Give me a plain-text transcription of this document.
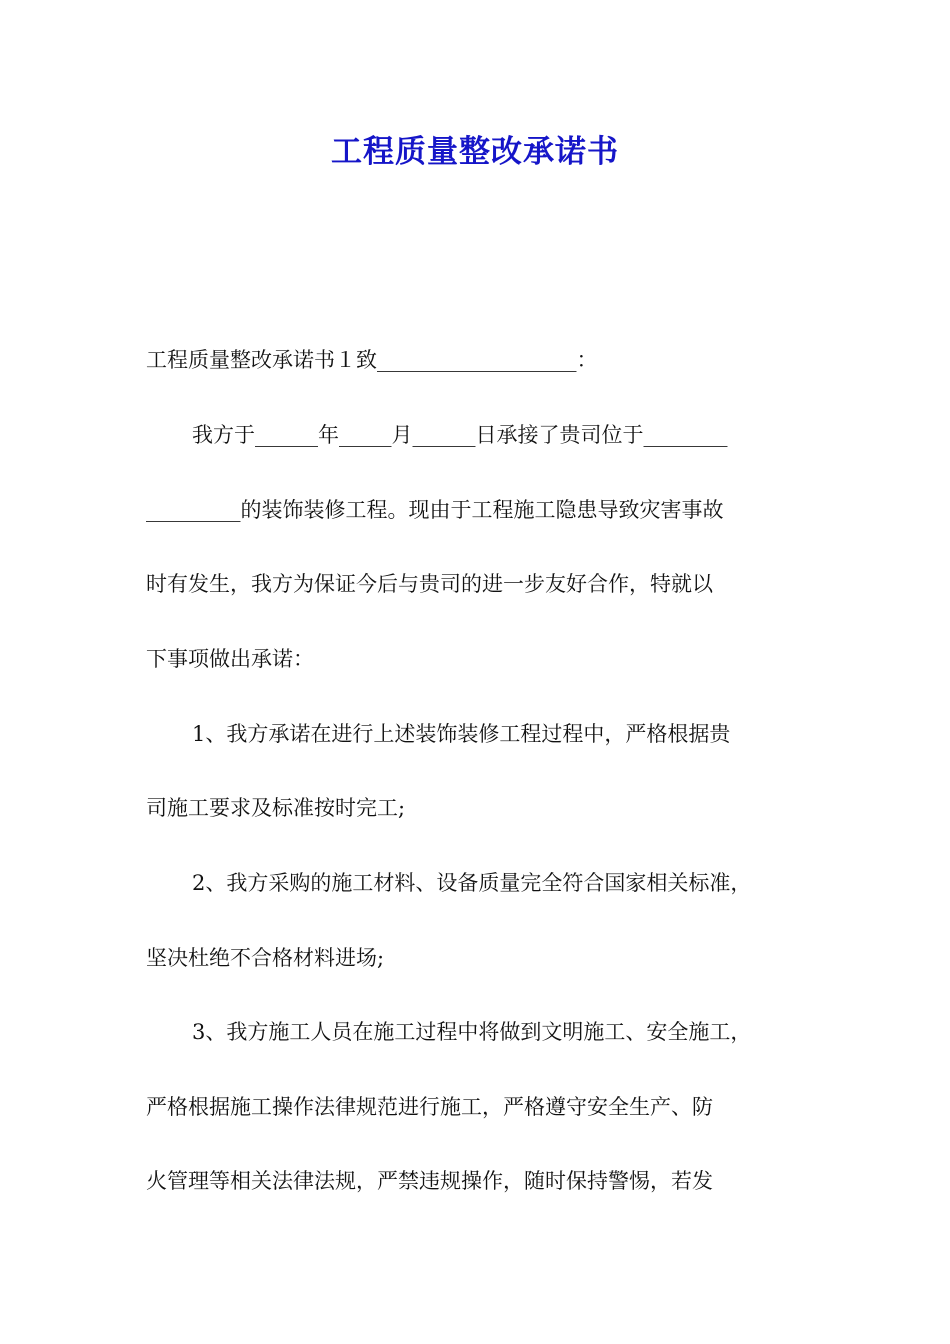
工程质量整改承诺书

工程质量整改承诺书１致___________________：

我方于______年_____月______日承接了贵司位于________

_________的装饰装修工程。现由于工程施工隐患导致灾害事故

时有发生，我方为保证今后与贵司的进一步友好合作，特就以

下事项做出承诺：

1、我方承诺在进行上述装饰装修工程过程中，严格根据贵

司施工要求及标准按时完工;

2、我方采购的施工材料、设备质量完全符合国家相关标准，

坚决杜绝不合格材料进场;

3、我方施工人员在施工过程中将做到文明施工、安全施工，

严格根据施工操作法律规范进行施工，严格遵守安全生产、防

火管理等相关法律法规，严禁违规操作，随时保持警惕，若发
